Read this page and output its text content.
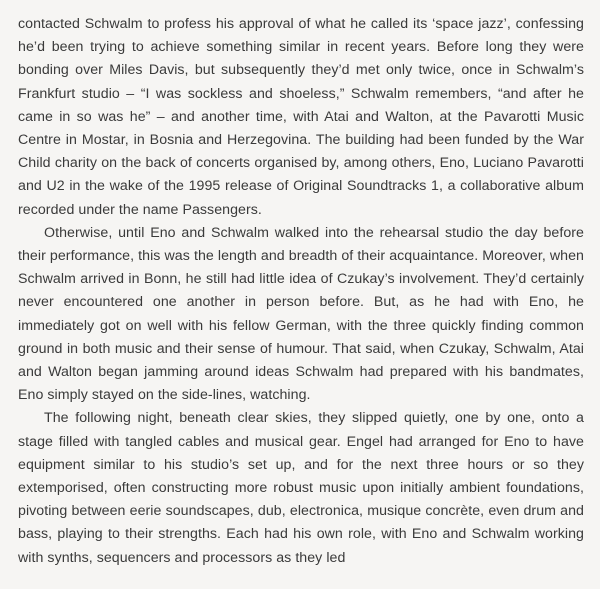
contacted Schwalm to profess his approval of what he called its ‘space jazz’, confessing he’d been trying to achieve something similar in recent years. Before long they were bonding over Miles Davis, but subsequently they’d met only twice, once in Schwalm’s Frankfurt studio – “I was sockless and shoeless,” Schwalm remembers, “and after he came in so was he” – and another time, with Atai and Walton, at the Pavarotti Music Centre in Mostar, in Bosnia and Herzegovina. The building had been funded by the War Child charity on the back of concerts organised by, among others, Eno, Luciano Pavarotti and U2 in the wake of the 1995 release of Original Soundtracks 1, a collaborative album recorded under the name Passengers.

Otherwise, until Eno and Schwalm walked into the rehearsal studio the day before their performance, this was the length and breadth of their acquaintance. Moreover, when Schwalm arrived in Bonn, he still had little idea of Czukay’s involvement. They’d certainly never encountered one another in person before. But, as he had with Eno, he immediately got on well with his fellow German, with the three quickly finding common ground in both music and their sense of humour. That said, when Czukay, Schwalm, Atai and Walton began jamming around ideas Schwalm had prepared with his bandmates, Eno simply stayed on the side-lines, watching.

The following night, beneath clear skies, they slipped quietly, one by one, onto a stage filled with tangled cables and musical gear. Engel had arranged for Eno to have equipment similar to his studio’s set up, and for the next three hours or so they extemporised, often constructing more robust music upon initially ambient foundations, pivoting between eerie soundscapes, dub, electronica, musique concrète, even drum and bass, playing to their strengths. Each had his own role, with Eno and Schwalm working with synths, sequencers and processors as they led
